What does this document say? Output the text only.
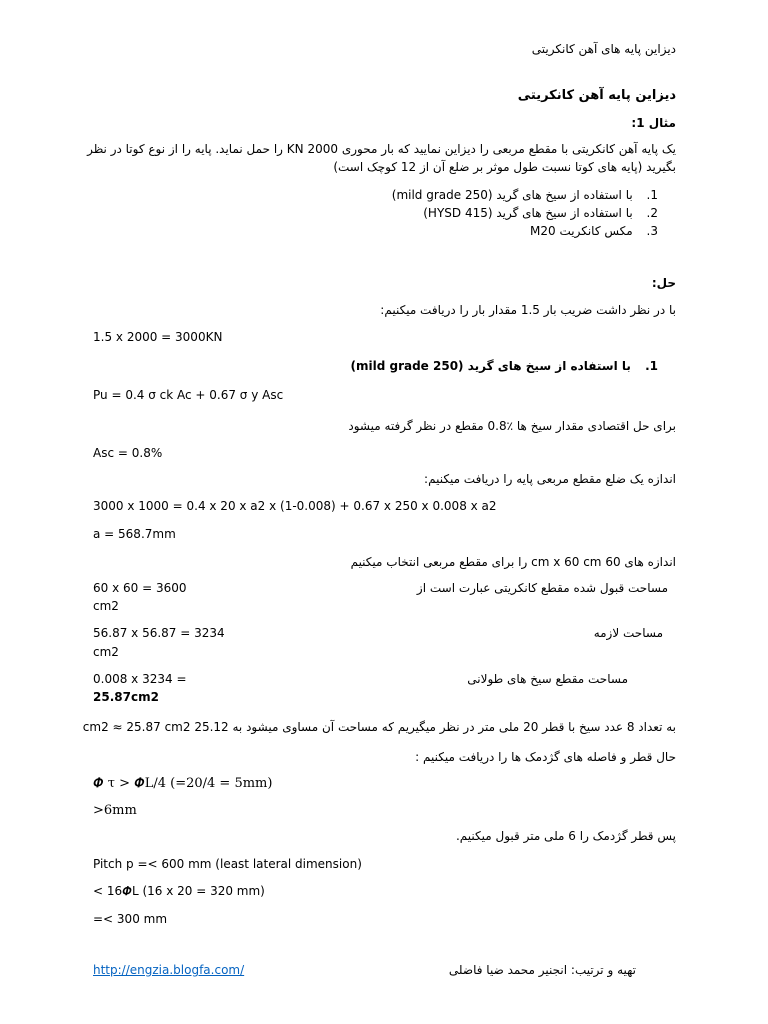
دیزاین پایه های آهن کانکریتی
دیزاین پایه آهن کانکریتی
مثال 1:
یک پایه آهن کانکریتی با مقطع مربعی را دیزاین نمایید که بار محوری 2000 KN را حمل نماید. پایه را از نوع کوتا در نظر
بگیرید (پایه های کوتا نسبت طول موثر بر ضلع آن از 12 کوچک است)
1. با استفاده از سیخ های گرید (mild grade 250)
2. با استفاده از سیخ های گرید (HYSD 415)
3. مکس کانکریت M20
حل:
با در نظر داشت ضریب بار 1.5 مقدار بار را دریافت میکنیم:
1.5 x 2000 = 3000KN
1. با استفاده از سیخ های گرید (mild grade 250)
Pu = 0.4 σ ck Ac + 0.67 σ y Asc
برای حل اقتصادی مقدار سیخ ها ٪0.8 مقطع در نظر گرفته میشود
Asc = 0.8%
اندازه یک ضلع مقطع مربعی پایه را دریافت میکنیم:
3000 x 1000 = 0.4 x 20 x a2 x (1-0.008) + 0.67 x 250 x 0.008 x a2
a = 568.7mm
اندازه های 60 cm x 60 cm را برای مقطع مربعی انتخاب میکنیم
مساحت قبول شده مقطع کانکریتی عبارت است از
60 x 60 = 3600
cm2
مساحت لازمه
56.87 x 56.87 = 3234
cm2
مساحت مقطع سیخ های طولانی
0.008 x 3234 =
25.87cm2
به تعداد 8 عدد سیخ با قطر 20 ملی متر در نظر میگیریم که مساحت آن مساوی میشود به 25.12 cm2 ≈ 25.87 cm2
حال قطر و فاصله های گژدمک ها را دریافت میکنیم :
𝜱 τ > 𝜱L/4 (=20/4 = 5mm)
>6mm
پس قطر گژدمک را 6 ملی متر قبول میکنیم.
Pitch p =< 600 mm (least lateral dimension)
< 16𝜱L (16 x 20 = 320 mm)
=< 300 mm
http://engzia.blogfa.com/	تهیه و ترتیب: انجنیر محمد ضیا فاضلی
